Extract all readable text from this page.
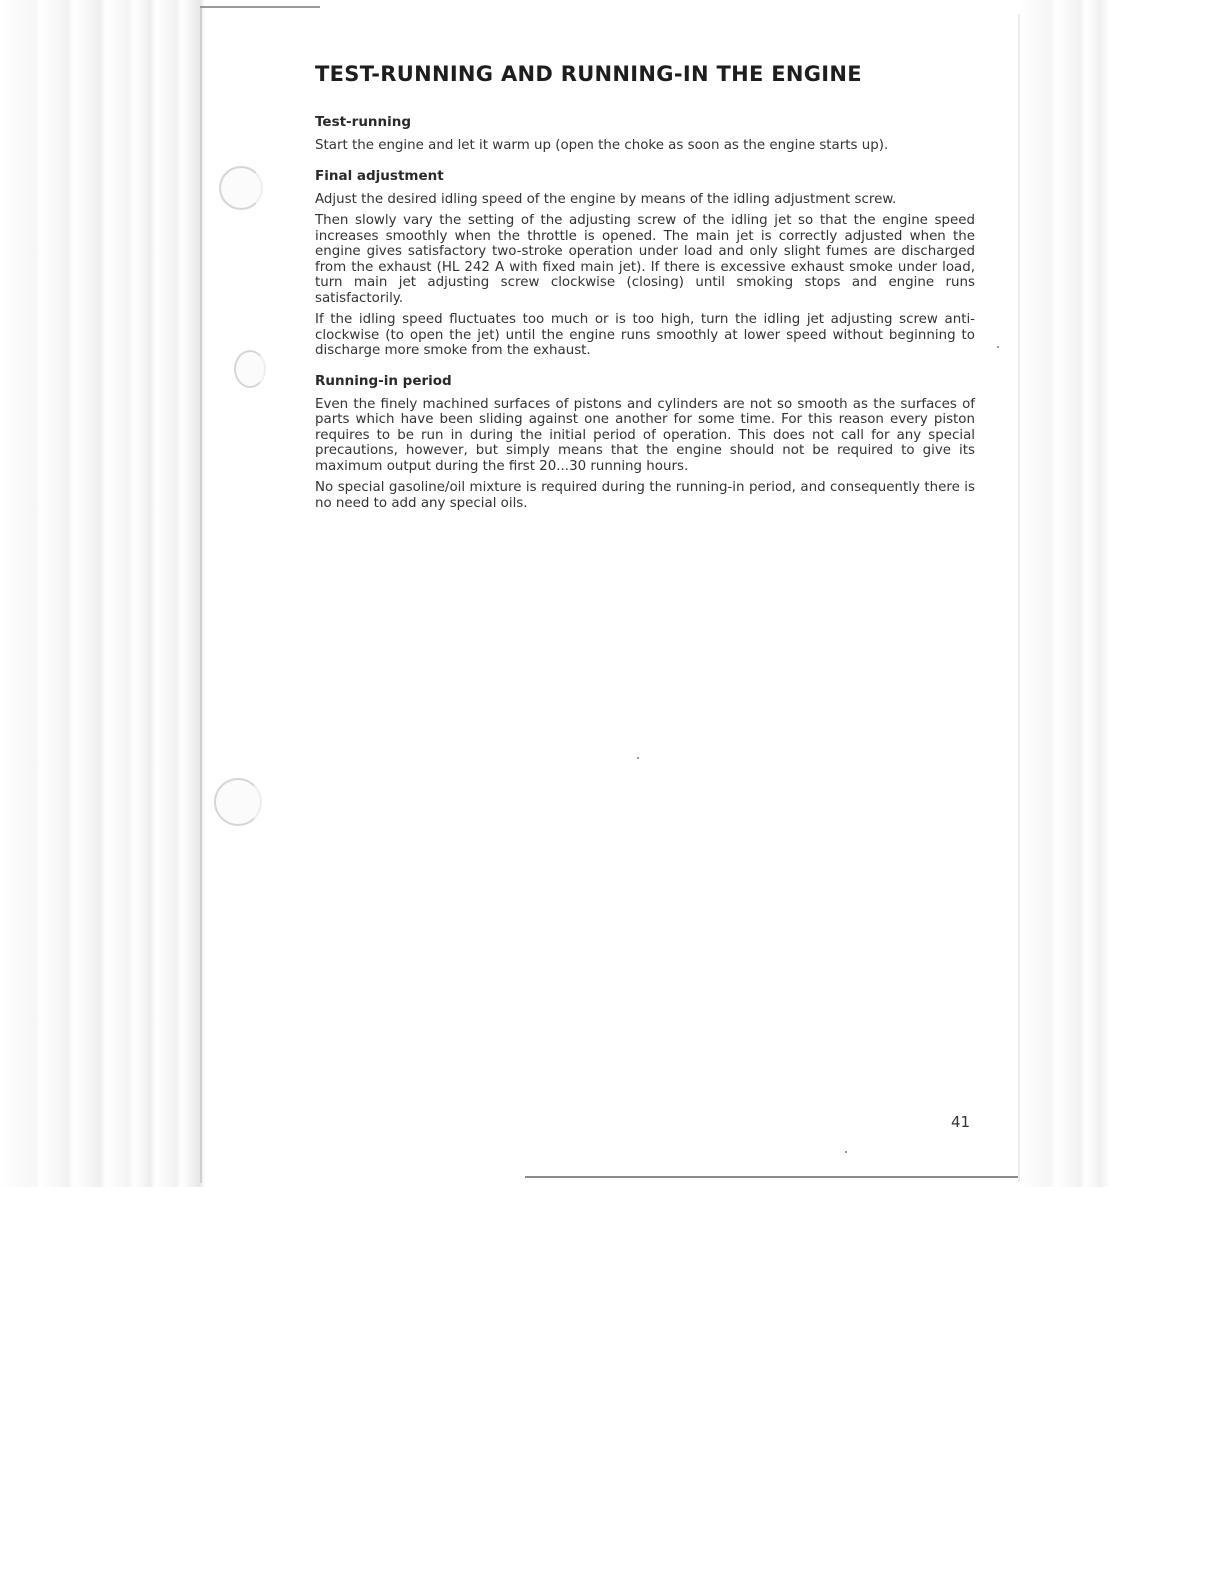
TEST-RUNNING AND RUNNING-IN THE ENGINE
Test-running

Start the engine and let it warm up (open the choke as soon as the engine starts up).

Final adjustment

Adjust the desired idling speed of the engine by means of the idling adjustment screw.

Then slowly vary the setting of the adjusting screw of the idling jet so that the engine speed increases smoothly when the throttle is opened. The main jet is correctly adjusted when the engine gives satisfactory two-stroke operation under load and only slight fumes are discharged from the exhaust (HL 242 A with fixed main jet). If there is excessive exhaust smoke under load, turn main jet adjusting screw clockwise (closing) until smoking stops and engine runs satisfactorily.

If the idling speed fluctuates too much or is too high, turn the idling jet adjusting screw anti-clockwise (to open the jet) until the engine runs smoothly at lower speed without beginning to discharge more smoke from the exhaust.

Running-in period

Even the finely machined surfaces of pistons and cylinders are not so smooth as the surfaces of parts which have been sliding against one another for some time. For this reason every piston requires to be run in during the initial period of operation. This does not call for any special precautions, however, but simply means that the engine should not be required to give its maximum output during the first 20...30 running hours.

No special gasoline/oil mixture is required during the running-in period, and consequently there is no need to add any special oils.

41
